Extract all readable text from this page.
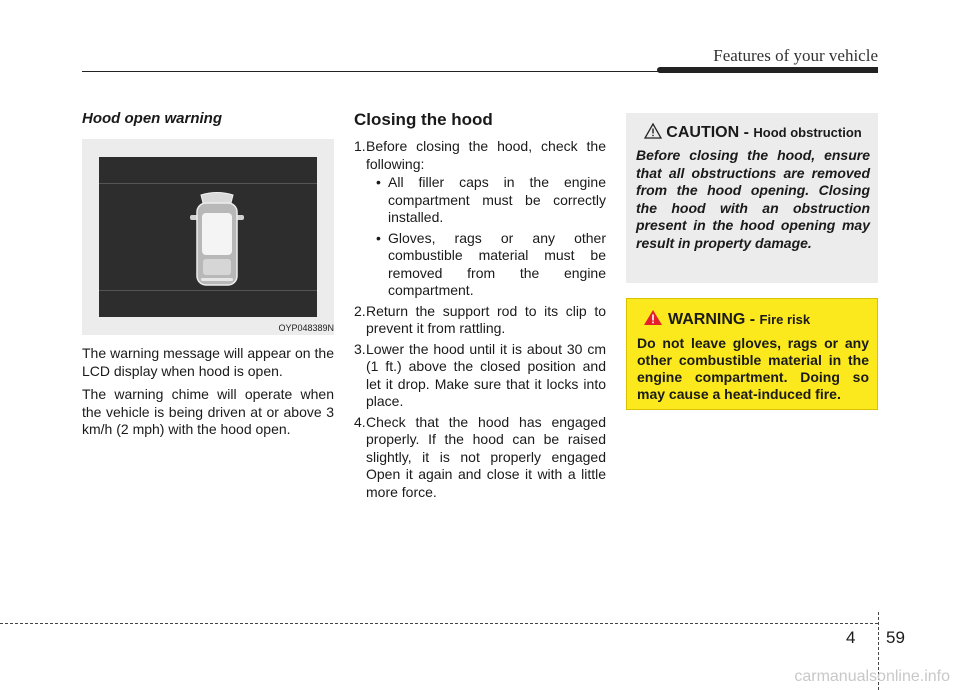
Features of your vehicle
Hood open warning
OYP048389N

The warning message will appear on the LCD display when hood is open.

The warning chime will operate when the vehicle is being driven at or above 3 km/h (2 mph) with the hood open.

Closing the hood
1. Before closing the hood, check the following:
• All filler caps in the engine compartment must be correctly installed.
• Gloves, rags or any other combustible material must be removed from the engine compartment.
2. Return the support rod to its clip to prevent it from rattling.
3. Lower the hood until it is about 30 cm (1 ft.) above the closed position and let it drop. Make sure that it locks into place.
4. Check that the hood has engaged properly. If the hood can be raised slightly, it is not properly engaged Open it again and close it with a little more force.
CAUTION - Hood obstruction
Before closing the hood, ensure that all obstructions are removed from the hood opening. Closing the hood with an obstruction present in the hood opening may result in property damage.
WARNING - Fire risk
Do not leave gloves, rags or any other combustible material in the engine compartment. Doing so may cause a heat-induced fire.
4 59
carmanualsonline.info
